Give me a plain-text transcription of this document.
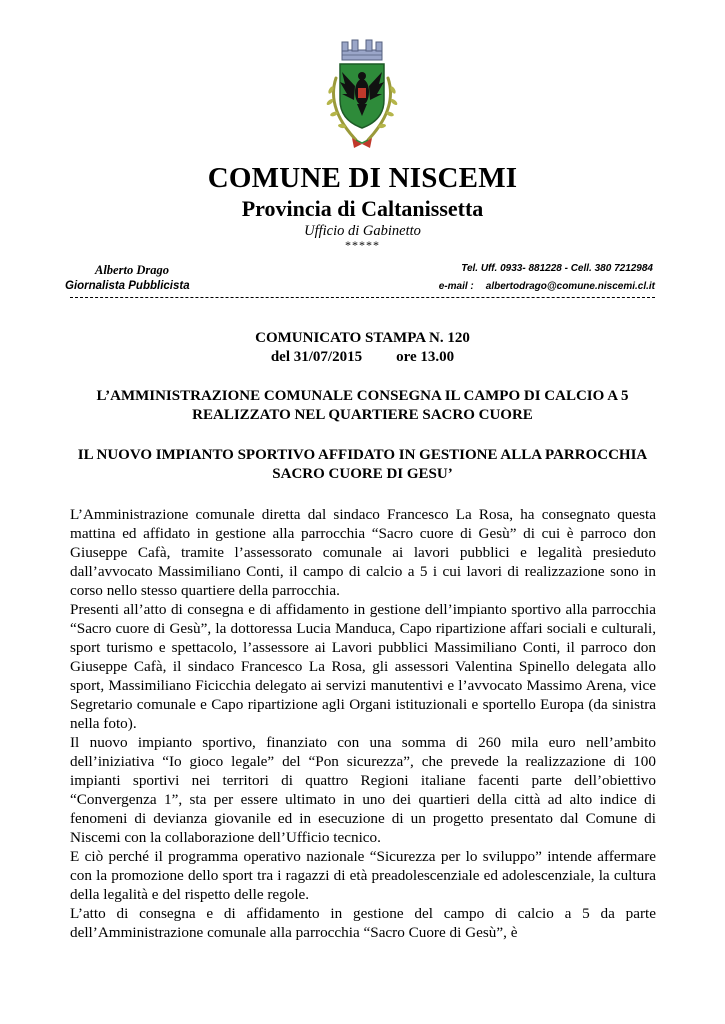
COMUNE DI NISCEMI
Provincia di Caltanissetta
Ufficio di Gabinetto
*****
Alberto Drago
Giornalista Pubblicista
Tel. Uff. 0933- 881228 - Cell. 380 7212984
e-mail : albertodrago@comune.niscemi.cl.it
COMUNICATO STAMPA N. 120
del 31/07/2015 ore 13.00
L’AMMINISTRAZIONE COMUNALE CONSEGNA IL CAMPO DI CALCIO A 5 REALIZZATO NEL QUARTIERE SACRO CUORE
IL NUOVO IMPIANTO SPORTIVO AFFIDATO IN GESTIONE ALLA PARROCCHIA SACRO CUORE DI GESU’

L’Amministrazione comunale diretta dal sindaco Francesco La Rosa, ha consegnato questa mattina ed affidato in gestione alla parrocchia “Sacro cuore di Gesù” di cui è parroco don Giuseppe Cafà, tramite l’assessorato comunale ai lavori pubblici e legalità presieduto dall’avvocato Massimiliano Conti, il campo di calcio a 5 i cui lavori di realizzazione sono in corso nello stesso quartiere della parrocchia.

Presenti all’atto di consegna e di affidamento in gestione dell’impianto sportivo alla parrocchia “Sacro cuore di Gesù”, la dottoressa Lucia Manduca, Capo ripartizione affari sociali e culturali, sport turismo e spettacolo, l’assessore ai Lavori pubblici Massimiliano Conti, il parroco don Giuseppe Cafà, il sindaco Francesco La Rosa, gli assessori Valentina Spinello delegata allo sport, Massimiliano Ficicchia delegato ai servizi manutentivi e l’avvocato Massimo Arena, vice Segretario comunale e Capo ripartizione agli Organi istituzionali e sportello Europa (da sinistra nella foto).

Il nuovo impianto sportivo, finanziato con una somma di 260 mila euro nell’ambito dell’iniziativa “Io gioco legale” del “Pon sicurezza”, che prevede la realizzazione di 100 impianti sportivi nei territori di quattro Regioni italiane facenti parte dell’obiettivo “Convergenza 1”, sta per essere ultimato in uno dei quartieri della città ad alto indice di fenomeni di devianza giovanile ed in esecuzione di un progetto presentato dal Comune di Niscemi con la collaborazione dell’Ufficio tecnico.

E ciò perché il programma operativo nazionale “Sicurezza per lo sviluppo” intende affermare con la promozione dello sport tra i ragazzi di età preadolescenziale ed adolescenziale, la cultura della legalità e del rispetto delle regole.

L’atto di consegna e di affidamento in gestione del campo di calcio a 5 da parte dell’Amministrazione comunale alla parrocchia “Sacro Cuore di Gesù”, è
